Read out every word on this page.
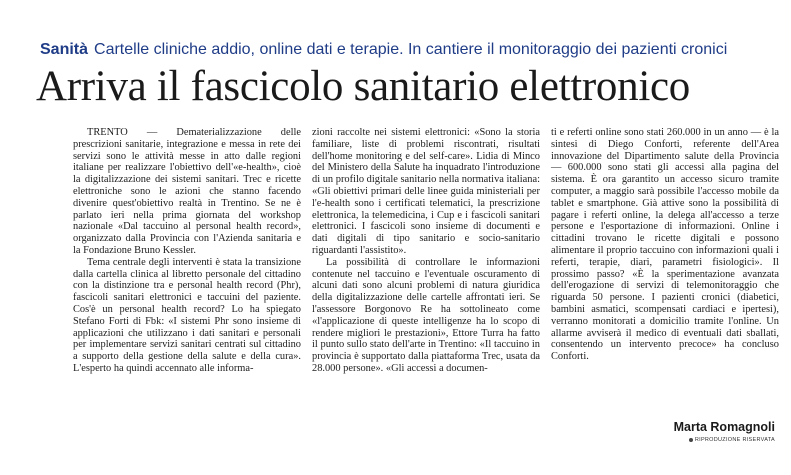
Sanità Cartelle cliniche addio, online dati e terapie. In cantiere il monitoraggio dei pazienti cronici
Arriva il fascicolo sanitario elettronico

TRENTO — Dematerializzazione delle prescrizioni sanitarie, integrazione e messa in rete dei servizi sono le attività messe in atto dalle regioni italiane per realizzare l'obiettivo dell'«e-health», cioè la digitalizzazione dei sistemi sanitari. Trec e ricette elettroniche sono le azioni che stanno facendo divenire quest'obiettivo realtà in Trentino. Se ne è parlato ieri nella prima giornata del workshop nazionale «Dal taccuino al personal health record», organizzato dalla Provincia con l'Azienda sanitaria e la Fondazione Bruno Kessler.

Tema centrale degli interventi è stata la transizione dalla cartella clinica al libretto personale del cittadino con la distinzione tra e personal health record (Phr), fascicoli sanitari elettronici e taccuini del paziente. Cos'è un personal health record? Lo ha spiegato Stefano Forti di Fbk: «I sistemi Phr sono insieme di applicazioni che utilizzano i dati sanitari e personali per implementare servizi sanitari centrati sul cittadino a supporto della gestione della salute e della cura». L'esperto ha quindi accennato alle informa-

zioni raccolte nei sistemi elettronici: «Sono la storia familiare, liste di problemi riscontrati, risultati dell'home monitoring e del self-care». Lidia di Minco del Ministero della Salute ha inquadrato l'introduzione di un profilo digitale sanitario nella normativa italiana: «Gli obiettivi primari delle linee guida ministeriali per l'e-health sono i certificati telematici, la prescrizione elettronica, la telemedicina, i Cup e i fascicoli sanitari elettronici. I fascicoli sono insieme di documenti e dati digitali di tipo sanitario e socio-sanitario riguardanti l'assistito».

La possibilità di controllare le informazioni contenute nel taccuino e l'eventuale oscuramento di alcuni dati sono alcuni problemi di natura giuridica della digitalizzazione delle cartelle affrontati ieri. Se l'assessore Borgonovo Re ha sottolineato come «l'applicazione di queste intelligenze ha lo scopo di rendere migliori le prestazioni», Ettore Turra ha fatto il punto sullo stato dell'arte in Trentino: «Il taccuino in provincia è supportato dalla piattaforma Trec, usata da 28.000 persone». «Gli accessi a documen-

ti e referti online sono stati 260.000 in un anno — è la sintesi di Diego Conforti, referente dell'Area innovazione del Dipartimento salute della Provincia — 600.000 sono stati gli accessi alla pagina del sistema. È ora garantito un accesso sicuro tramite computer, a maggio sarà possibile l'accesso mobile da tablet e smartphone. Già attive sono la possibilità di pagare i referti online, la delega all'accesso a terze persone e l'esportazione di informazioni. Online i cittadini trovano le ricette digitali e possono alimentare il proprio taccuino con informazioni quali i referti, terapie, diari, parametri fisiologici». Il prossimo passo? «È la sperimentazione avanzata dell'erogazione di servizi di telemonitoraggio che riguarda 50 persone. I pazienti cronici (diabetici, bambini asmatici, scompensati cardiaci e ipertesi), verranno monitorati a domicilio tramite l'online. Un allarme avviserà il medico di eventuali dati sballati, consentendo un intervento precoce» ha concluso Conforti.

Marta Romagnoli
RIPRODUZIONE RISERVATA
